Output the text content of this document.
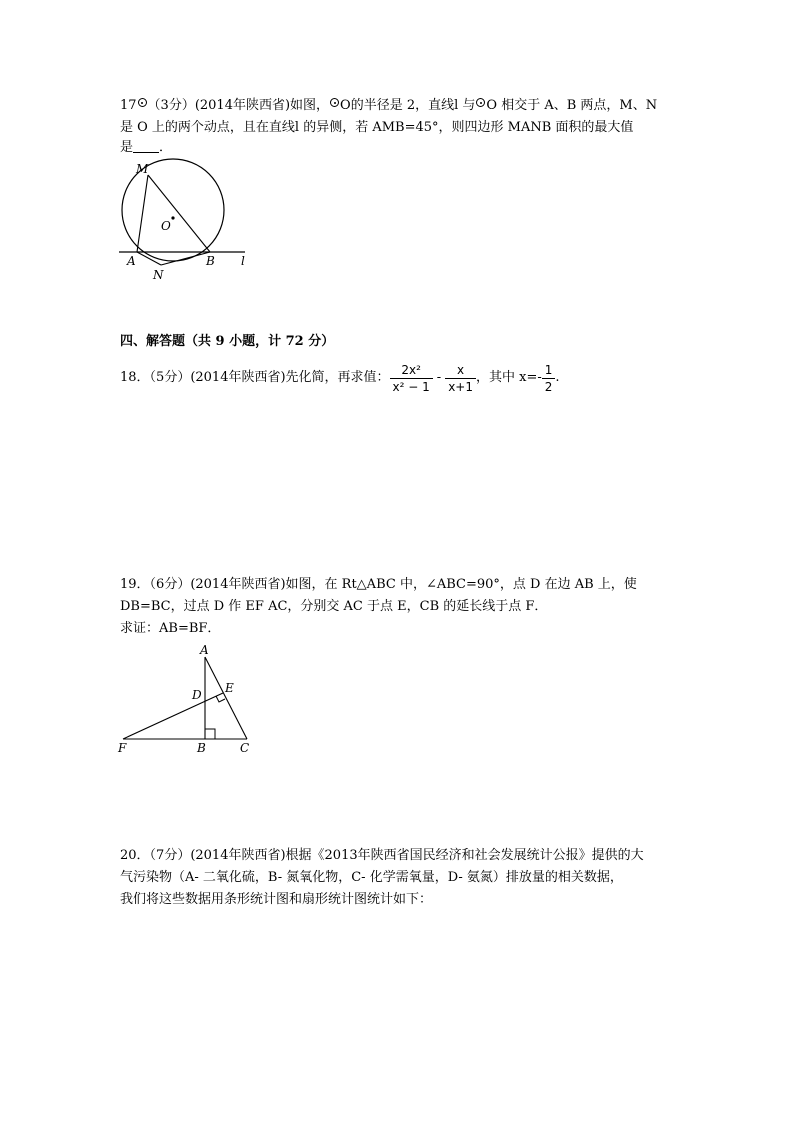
17 （3分）(2014年陕西省)如图， O的半径是 2，直线l 与 O 相交于 A、B 两点，M、N
是 O 上的两个动点，且在直线l 的异侧，若 AMB=45°，则四边形 MANB 面积的最大值
是 ．
M
O
A	B
N
l
四、解答题（共 9 小题，计 72 分）
18．（5分）(2014年陕西省)先化简，再求值： $\frac{\text{2x²}}{\text{x² − 1}} - \frac{x}{x+1}$ ，其中 $x=- \frac{1}{2}$ .
19．（6分）(2014年陕西省)如图，在 Rt△ABC 中，∠ABC=90°，点 D 在边 AB 上，使
DB=BC，过点 D 作 EF AC，分别交 AC 于点 E，CB 的延长线于点 F．
求证：AB=BF．
A
D E
F	B	C
20．（7分）(2014年陕西省)根据《2013年陕西省国民经济和社会发展统计公报》提供的大
气污染物（A- 二氧化硫，B- 氮氧化物，C- 化学需氧量，D- 氨氮）排放量的相关数据，
我们将这些数据用条形统计图和扇形统计图统计如下：
